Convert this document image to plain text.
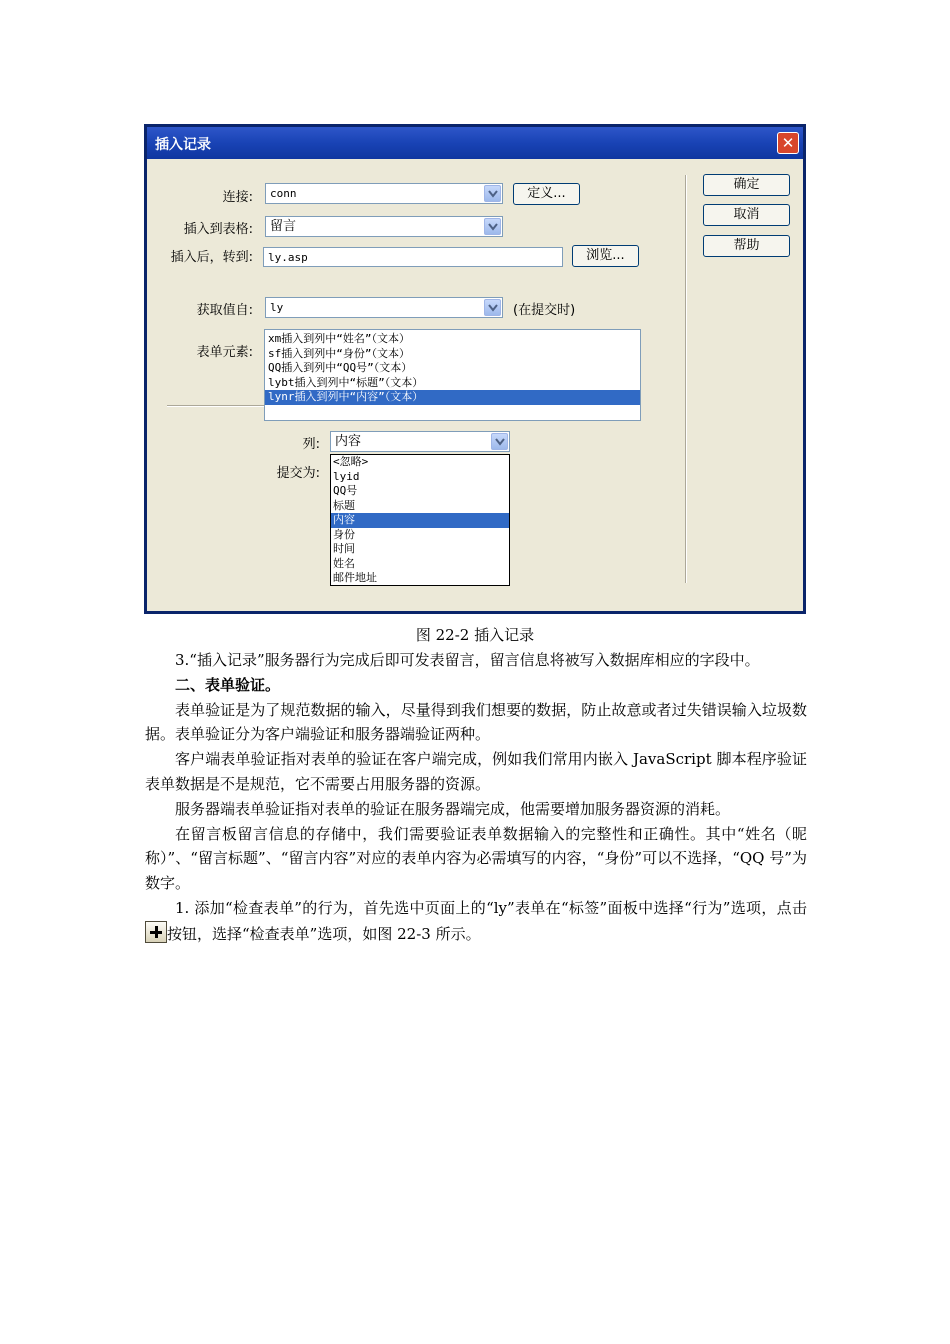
插入记录	✕
连接:	conn	定义...
插入到表格:	留言
插入后，转到:	ly.asp	浏览...
获取值自:	ly	(在提交时)
表单元素:
xm插入到列中“姓名”（文本）
sf插入到列中“身份”（文本）
QQ插入到列中“QQ号”（文本）
lybt插入到列中“标题”（文本）
lynr插入到列中“内容”（文本）
列:	内容
提交为:
<忽略>
lyid
QQ号
标题
内容
身份
时间
姓名
邮件地址
确定
取消
帮助
图 22-2 插入记录

3.“插入记录”服务器行为完成后即可发表留言，留言信息将被写入数据库相应的字段中。

二、表单验证。

表单验证是为了规范数据的输入，尽量得到我们想要的数据，防止故意或者过失错误输入垃圾数据。表单验证分为客户端验证和服务器端验证两种。

客户端表单验证指对表单的验证在客户端完成，例如我们常用内嵌入 JavaScript 脚本程序验证表单数据是不是规范，它不需要占用服务器的资源。

服务器端表单验证指对表单的验证在服务器端完成，他需要增加服务器资源的消耗。

在留言板留言信息的存储中，我们需要验证表单数据输入的完整性和正确性。其中“姓名（昵称）”、“留言标题”、“留言内容”对应的表单内容为必需填写的内容，“身份”可以不选择，“QQ 号”为数字。

1. 添加“检查表单”的行为，首先选中页面上的“ly”表单在“标签”面板中选择“行为”选项，点击按钮，选择“检查表单”选项，如图 22-3 所示。
